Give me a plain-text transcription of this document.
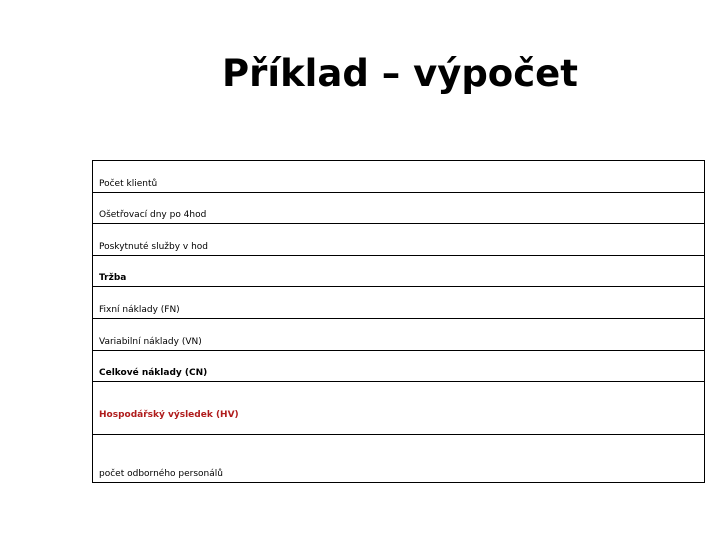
Příklad – výpočet
Počet klientů
Ošetřovací dny po 4hod
Poskytnuté služby v hod
Tržba
Fixní náklady (FN)
Variabilní náklady (VN)
Celkové náklady (CN)
Hospodářský výsledek (HV)
počet odborného personálů
